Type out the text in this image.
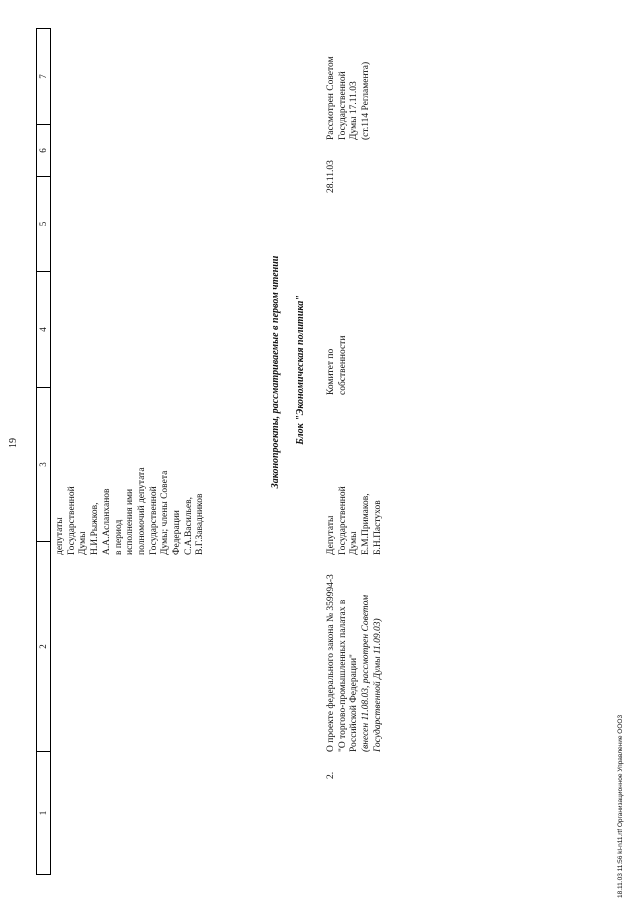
19
1
2
3
4
5
6
7
депутаты
Государственной
Думы
Н.И.Рыжков,
А.А.Асланханов
в период
исполнения ими
полномочий депутата
Государственной
Думы; члены Совета
Федерации
С.А.Васильев,
В.Г.Завадников
Законопроекты, рассматриваемые в первом чтении Блок "Экономическая политика"
2.
О проекте федерального закона № 359994-3
"О торгово-промышленных палатах в
Российской Федерации"
(внесен 11.08.03, рассмотрен Советом
Государственной Думы 11.09.03)
Депутаты
Государственной
Думы
Е.М.Примаков,
Б.Н.Пастухов
Комитет по
собственности
28.11.03
Рассмотрен Советом
Государственной
Думы 17.11.03
(ст.114 Регламента)
18.11.03 11:56 kl-n11.rtf Организационное Управление ООО3
